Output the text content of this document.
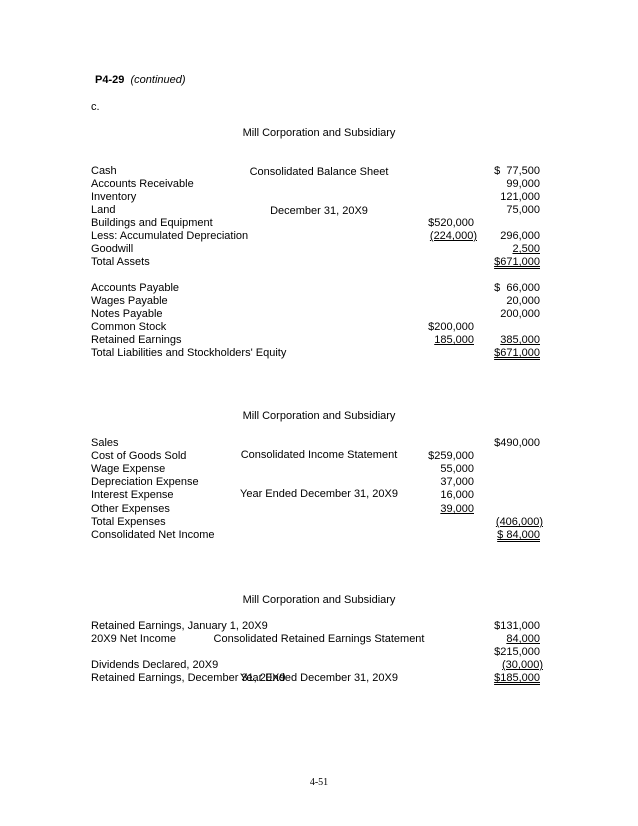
P4-29 (continued)
c.

Mill Corporation and Subsidiary

Consolidated Balance Sheet

December 31, 20X9

Cash	$  77,500
Accounts Receivable	99,000
Inventory	121,000
Land	75,000
Buildings and Equipment	$520,000
Less: Accumulated Depreciation	(224,000) 296,000
Goodwill	2,500
Total Assets	$671,000
Accounts Payable	$  66,000
Wages Payable	20,000
Notes Payable	200,000
Common Stock	$200,000
Retained Earnings	185,000	385,000
Total Liabilities and Stockholders' Equity	$671,000

Mill Corporation and Subsidiary

Consolidated Income Statement

Year Ended December 31, 20X9

Sales	$490,000
Cost of Goods Sold	$259,000
Wage Expense	55,000
Depreciation Expense	37,000
Interest Expense	16,000
Other Expenses	39,000
Total Expenses	(406,000)
Consolidated Net Income	$ 84,000

Mill Corporation and Subsidiary

Consolidated Retained Earnings Statement

Year Ended December 31, 20X9

Retained Earnings, January 1, 20X9	$131,000
20X9 Net Income	84,000
$215,000
Dividends Declared, 20X9	(30,000)
Retained Earnings, December 31, 20X9	$185,000
4-51
